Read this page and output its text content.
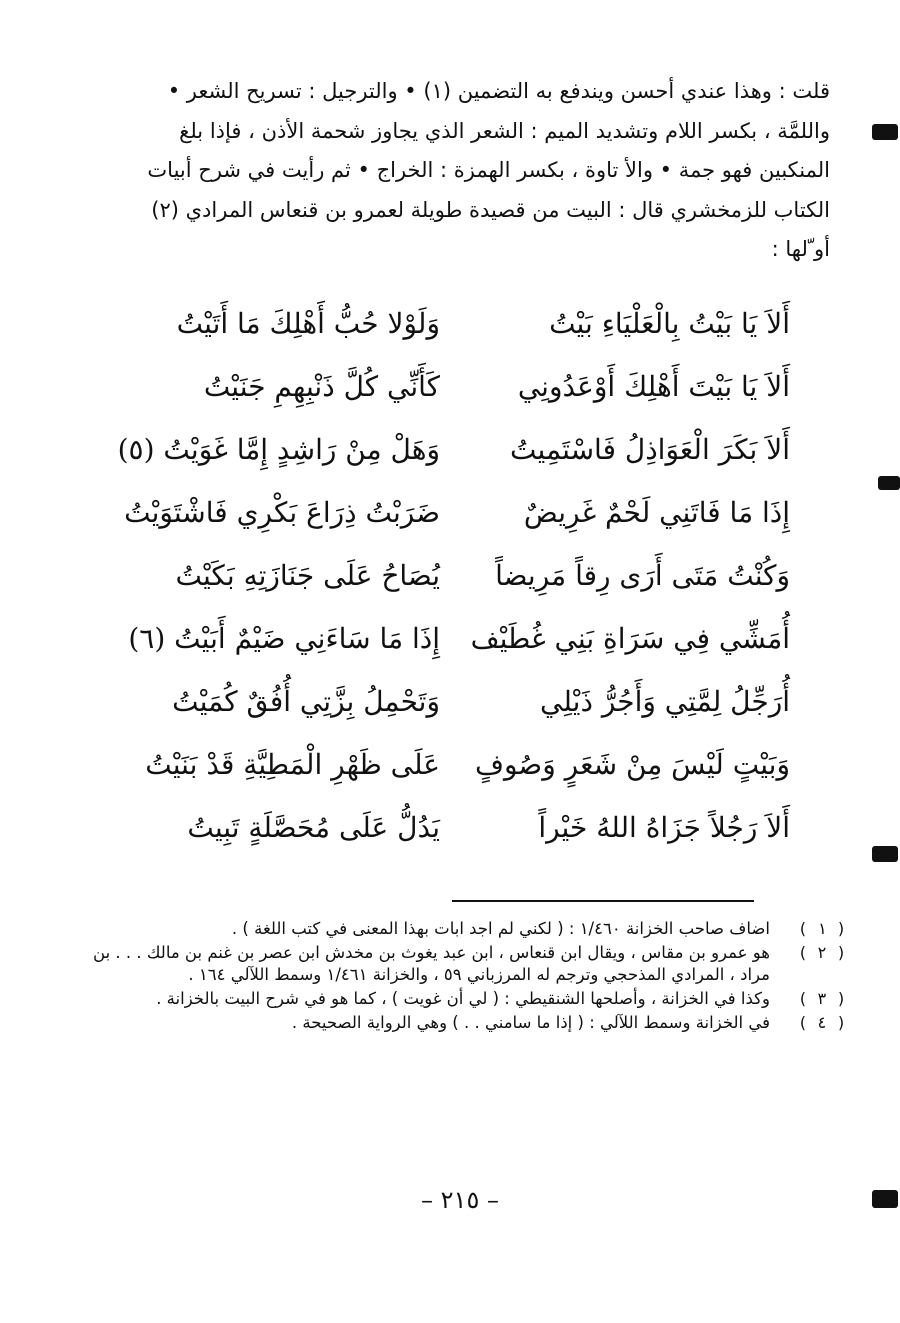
قلت : وهذا عندي أحسن ويندفع به التضمين (١) • والترجيل : تسريح الشعر •
واللمَّة ، بكسر اللام وتشديد الميم : الشعر الذي يجاوز شحمة الأذن ، فإذا بلغ
المنكبين فهو جمة • والأ تاوة ، بكسر الهمزة : الخراج • ثم رأيت في شرح أبيات
الكتاب للزمخشري قال : البيت من قصيدة طويلة لعمرو بن قنعاس المرادي (٢)
أو ّلها :
أَلاَ يَا بَيْتُ بِالْعَلْيَاءِ بَيْتُ
وَلَوْلا حُبُّ أَهْلِكَ مَا أَتَيْتُ
أَلاَ يَا بَيْتَ أَهْلِكَ أَوْعَدُونِي
كَأَنِّي كُلَّ ذَنْبِهِمِ جَنَيْتُ
أَلاَ بَكَرَ الْعَوَاذِلُ فَاسْتَمِيتُ
وَهَلْ مِنْ رَاشِدٍ إِمَّا غَوَيْتُ (٥)
إِذَا مَا فَاتَنِي لَحْمٌ غَرِيضٌ
ضَرَبْتُ ذِرَاعَ بَكْرِي فَاشْتَوَيْتُ
وَكُنْتُ مَتَى أَرَى رِقاً مَرِيضاً
يُصَاحُ عَلَى جَنَازَتِهِ بَكَيْتُ
أُمَشِّي فِي سَرَاةِ بَنِي غُطَيْف
إِذَا مَا سَاءَنِي ضَيْمٌ أَبَيْتُ (٦)
أُرَجِّلُ لِمَّتِي وَأَجُرُّ ذَيْلِي
وَتَحْمِلُ بِزَّتِي أُفُقٌ كُمَيْتُ
وَبَيْتٍ لَيْسَ مِنْ شَعَرٍ وَصُوفٍ
عَلَى ظَهْرِ الْمَطِيَّةِ قَدْ بَنَيْتُ
أَلاَ رَجُلاً جَزَاهُ اللهُ خَيْراً
يَدُلُّ عَلَى مُحَصَّلَةٍ تَبِيتُ
( ١ )
اضاف صاحب الخزانة ١/٤٦٠ : ( لكني لم اجد ابات بهذا المعنى في كتب اللغة ) .
( ٢ )
هو عمرو بن مقاس ، ويقال ابن قنعاس ، ابن عبد يغوث بن مخدش ابن عصر بن غنم بن مالك . . . بن مراد ، المرادي المذحجي وترجم له المرزباني ٥٩ ، والخزانة ١/٤٦١ وسمط اللآلي ١٦٤ .
( ٣ )
وكذا في الخزانة ، وأصلحها الشنقيطي : ( لي أن غويت ) ، كما هو في شرح البيت بالخزانة .
( ٤ )
في الخزانة وسمط اللآلي : ( إذا ما سامني . . ) وهي الرواية الصحيحة .
– ٢١٥ –
